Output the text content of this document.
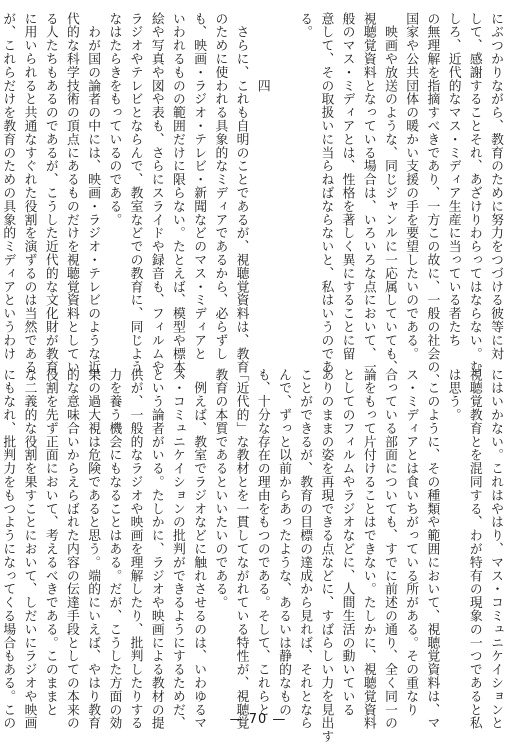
にぶつかりながら、教育のために努力をつづける彼等に対
して、感謝することそれ、あざけりわらってはならない。む
しろ、近代的なマス・ミディア生産に当っている者たち
の無理解を指摘すべきであり、一方この故に、一般の社会の、
国家や公共団体の暖かい支援の手を要望したいのである。
　映画や放送のような、同じジャンルに一応属していても、
視聴覚資料となっている場合は、いろいろな点において、一
般のマス・ミディアとは、性格を著しく異にすることに留
意して、その取扱いに当らねばならないと、私はいうのであ
る。

　　　　　四
　さらに、これも自明のことであるが、視聴覚資料は、教育
のために使われる具象的なミディアであるから、必らずし
も、映画・ラジオ・テレビ・新聞などのマス・ミディアと
いわれるものの範囲だけに限らない。たとえば、模型や標本、
絵や写真や図や表も、さらにスライドや録音も、フィルムや
ラジオやテレビとならんで、教室などでの教育に、同じよう
なはたらきをもっているのである。
　わが国の論者の中には、映画・ラジオ・テレビのような近
代的な科学技術の頂点にあるものだけを視聴覚資料としてい
る人たちもあるのであるが、こうした近代的な文化財が教育
に用いられると共通なすぐれた役割を演ずるのは当然である
が、これらだけを教育のための具象的ミディアというわけ
にはいかない。これはやはり、マス・コミュニケイションと
視聴覚教育とを混同する、わが特有の現象の一つであると私
は思う。
　このように、その種類や範囲において、視聴覚資料は、マ
ス・ミディアとは食いちがっている所がある。その重なり
合っている部面についても、すでに前述の通り、全く同一の
論をもって片付けることはできない。たしかに、視聴覚資料
としてのフィルムやラジオなどに、人間生活の動いている
ありのままの姿を再現できる点などに、すばらしい力を見出す
ことができるが、教育の目標の達成から見れば、それとなら
んで、ずっと以前からあったような、あるいは静的なもの
も、十分な存在の理由をもつのである。そして、これらと
「近代的」な教材とを一貫してながれている特性が、視聴覚
教育の本質であるといいたいのである。
　例えば、教室でラジオなどに触れさせるのは、いわゆるマ
ス・コミュニケイションの批判ができるようにするためだ、
という論者がいる。たしかに、ラジオや映画による教材の提
供が、一般的なラジオや映画を理解したり、批判したりする
力を養う機会にもなることはある。だが、こうした方面の効
果の過大視は危険であると思う。端的にいえば、やはり教育
的な意味合いからえらばれた内容の伝達手段としての本来の
役割を先ず正面において、考えるべきである。このままと
な二義的な役割を果すことにおいて、しだいにラジオや映画
にもなれ、批判力をもつようになってくる場合もある。この	— 70 —
